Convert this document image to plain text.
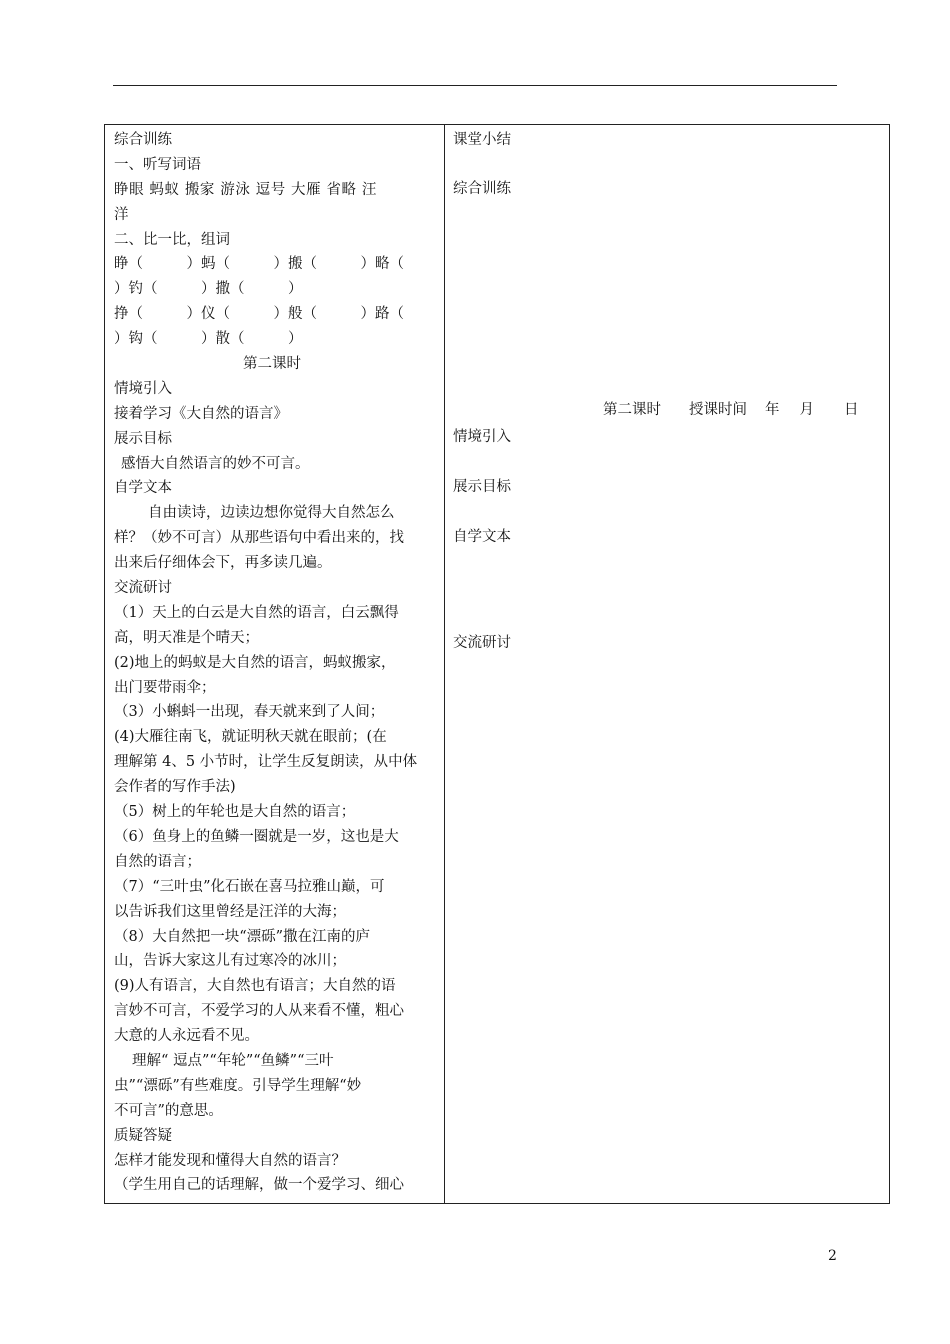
综合训练
一、听写词语
睁眼 蚂蚁 搬家 游泳 逗号 大雁 省略 汪
洋
二、比一比，组词
睁（　　　）蚂（　　　）搬（　　　）略（
）钓（　　　）撒（　　　）
挣（　　　）仪（　　　）般（　　　）路（
）钩（　　　）散（　　　）
第二课时
情境引入
接着学习《大自然的语言》
展示目标
感悟大自然语言的妙不可言。
自学文本
自由读诗，边读边想你觉得大自然怎么
样？（妙不可言）从那些语句中看出来的，找
出来后仔细体会下，再多读几遍。
交流研讨
（1）天上的白云是大自然的语言，白云飘得
高，明天准是个晴天；
(2)地上的蚂蚁是大自然的语言，蚂蚁搬家，
出门要带雨伞；
（3）小蝌蚪一出现，春天就来到了人间；
(4)大雁往南飞，就证明秋天就在眼前；(在
理解第 4、5 小节时，让学生反复朗读，从中体
会作者的写作手法)
（5）树上的年轮也是大自然的语言；
（6）鱼身上的鱼鳞一圈就是一岁，这也是大
自然的语言；
（7）“三叶虫”化石嵌在喜马拉雅山巅，可
以告诉我们这里曾经是汪洋的大海；
（8）大自然把一块“漂砾”撒在江南的庐
山，告诉大家这儿有过寒冷的冰川；
(9)人有语言，大自然也有语言；大自然的语
言妙不可言，不爱学习的人从来看不懂，粗心
大意的人永远看不见。
理解“ 逗点”“年轮”“鱼鳞”“三叶
虫”“漂砾”有些难度。引导学生理解“妙
不可言”的意思。
质疑答疑
怎样才能发现和懂得大自然的语言？
（学生用自己的话理解，做一个爱学习、细心
课堂小结
综合训练
第二课时 授课时间 年 月 日
情境引入
展示目标
自学文本
交流研讨
2
